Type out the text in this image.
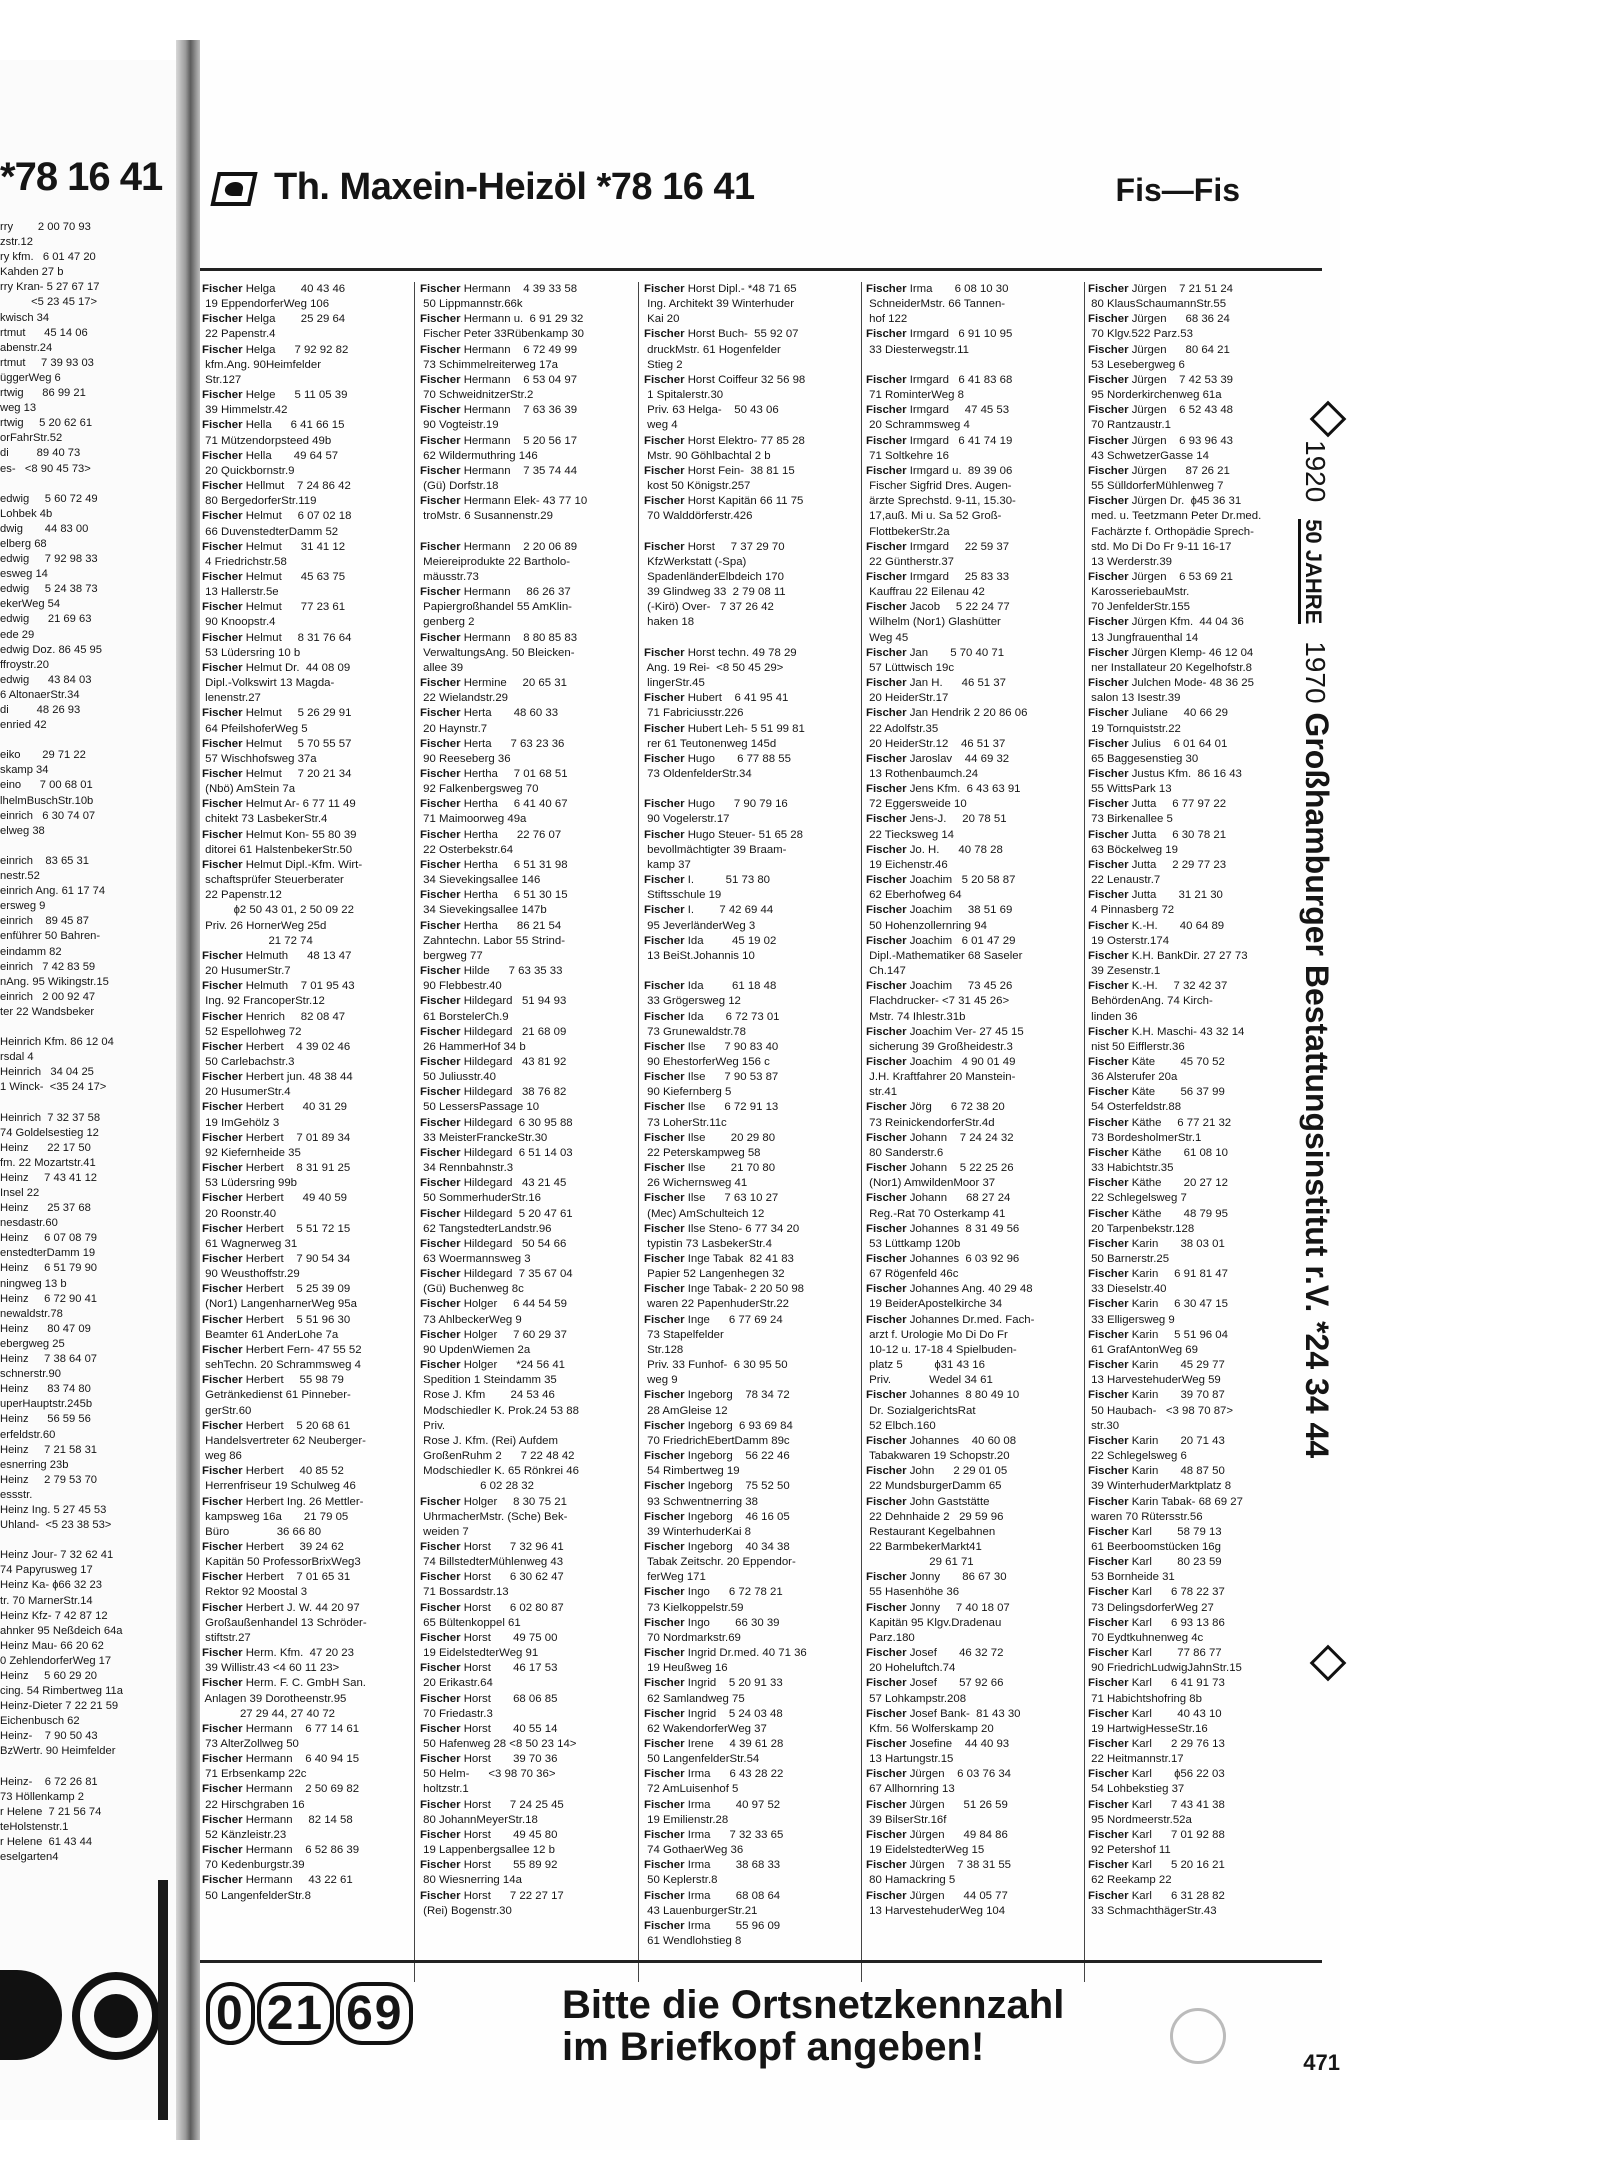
*78 16 41
rry        2 00 70 93
zstr.12
ry kfm.   6 01 47 20
Kahden 27 b
rry Kran- 5 27 67 17
<5 23 45 17>
kwisch 34
rtmut      45 14 06
abenstr.24
rtmut     7 39 93 03
üggerWeg 6
rtwig      86 99 21
weg 13
rtwig     5 20 62 61
orFahrStr.52
di         89 40 73
es-   <8 90 45 73>

edwig     5 60 72 49
Lohbek 4b
dwig       44 83 00
elberg 68
edwig     7 92 98 33
esweg 14
edwig     5 24 38 73
ekerWeg 54
edwig      21 69 63
ede 29
edwig Doz. 86 45 95
ffroystr.20
edwig      43 84 03
6 AltonaerStr.34
di         48 26 93
enried 42

eiko       29 71 22
skamp 34
eino      7 00 68 01
lhelmBuschStr.10b
einrich   6 30 74 07
elweg 38

einrich    83 65 31
nestr.52
einrich Ang. 61 17 74
ersweg 9
einrich    89 45 87
enführer 50 Bahren-
eindamm 82
einrich   7 42 83 59
nAng. 95 Wikingstr.15
einrich   2 00 92 47
ter 22 Wandsbeker

Heinrich Kfm. 86 12 04
rsdal 4
Heinrich   34 04 25
1 Winck-  <35 24 17>

Heinrich  7 32 37 58
74 Goldelsestieg 12
Heinz      22 17 50
fm. 22 Mozartstr.41
Heinz     7 43 41 12
Insel 22
Heinz      25 37 68
nesdastr.60
Heinz     6 07 08 79
enstedterDamm 19
Heinz     6 51 79 90
ningweg 13 b
Heinz     6 72 90 41
newaldstr.78
Heinz      80 47 09
ebergweg 25
Heinz     7 38 64 07
schnerstr.90
Heinz      83 74 80
uperHauptstr.245b
Heinz      56 59 56
erfeldstr.60
Heinz     7 21 58 31
esnerring 23b
Heinz     2 79 53 70
essstr.
Heinz Ing. 5 27 45 53
Uhland-  <5 23 38 53>

Heinz Jour- 7 32 62 41
74 Papyrusweg 17
Heinz Ka- ɸ66 32 23
tr. 70 MarnerStr.14
Heinz Kfz- 7 42 87 12
ahnker 95 Neßdeich 64a
Heinz Mau- 66 20 62
0 ZehlendorferWeg 17
Heinz     5 60 29 20
cing. 54 Rimbertweg 11a
Heinz-Dieter 7 22 21 59
Eichenbusch 62
Heinz-    7 90 50 43
BzWertr. 90 Heimfelder

Heinz-    6 72 26 81
73 Höllenkamp 2
r Helene  7 21 56 74
teHolstenstr.1
r Helene  61 43 44
eselgarten4
Th. Maxein-Heizöl *78 16 41	Fis—Fis
Fischer Helga        40 43 46
19 EppendorferWeg 106
Fischer Helga        25 29 64
22 Papenstr.4
Fischer Helga      7 92 92 82
kfm.Ang. 90Heimfelder
Str.127
Fischer Helge      5 11 05 39
39 Himmelstr.42
Fischer Hella      6 41 66 15
71 Mützendorpsteed 49b
Fischer Hella       49 64 57
20 Quickbornstr.9
Fischer Hellmut    7 24 86 42
80 BergedorferStr.119
Fischer Helmut     6 07 02 18
66 DuvenstedterDamm 52
Fischer Helmut      31 41 12
4 Friedrichstr.58
Fischer Helmut      45 63 75
13 Hallerstr.5e
Fischer Helmut      77 23 61
90 Knoopstr.4
Fischer Helmut     8 31 76 64
53 Lüdersring 10 b
Fischer Helmut Dr.  44 08 09
Dipl.-Volkswirt 13 Magda-
lenenstr.27
Fischer Helmut     5 26 29 91
64 PfeilshoferWeg 5
Fischer Helmut     5 70 55 57
57 Wischhofsweg 37a
Fischer Helmut     7 20 21 34
(Nbö) AmStein 7a
Fischer Helmut Ar- 6 77 11 49
chitekt 73 LasbekerStr.4
Fischer Helmut Kon- 55 80 39
ditorei 61 HalstenbekerStr.50
Fischer Helmut Dipl.-Kfm. Wirt-
schaftsprüfer Steuerberater
22 Papenstr.12
ɸ2 50 43 01, 2 50 09 22
Priv. 26 HornerWeg 25d
21 72 74
Fischer Helmuth      48 13 47
20 HusumerStr.7
Fischer Helmuth    7 01 95 43
Ing. 92 FrancoperStr.12
Fischer Henrich     82 08 47
52 Espellohweg 72
Fischer Herbert    4 39 02 46
50 Carlebachstr.3
Fischer Herbert jun. 48 38 44
20 HusumerStr.4
Fischer Herbert      40 31 29
19 ImGehölz 3
Fischer Herbert    7 01 89 34
92 Kiefernheide 35
Fischer Herbert    8 31 91 25
53 Lüdersring 99b
Fischer Herbert      49 40 59
20 Roonstr.40
Fischer Herbert    5 51 72 15
61 Wagnerweg 31
Fischer Herbert    7 90 54 34
90 Weusthoffstr.29
Fischer Herbert    5 25 39 09
(Nor1) LangenharnerWeg 95a
Fischer Herbert    5 51 96 30
Beamter 61 AnderLohe 7a
Fischer Herbert Fern- 47 55 52
sehTechn. 20 Schrammsweg 4
Fischer Herbert     55 98 79
Getränkedienst 61 Pinneber-
gerStr.60
Fischer Herbert    5 20 68 61
Handelsvertreter 62 Neuberger-
weg 86
Fischer Herbert     40 85 52
Herrenfriseur 19 Schulweg 46
Fischer Herbert Ing. 26 Mettler-
kampsweg 16a       21 79 05
Büro               36 66 80
Fischer Herbert     39 24 62
Kapitän 50 ProfessorBrixWeg3
Fischer Herbert    7 01 65 31
Rektor 92 Moostal 3
Fischer Herbert J. W. 44 20 97
Großaußenhandel 13 Schröder-
stiftstr.27
Fischer Herm. Kfm.  47 20 23
39 Willistr.43 <4 60 11 23>
Fischer Herm. F. C. GmbH San.
Anlagen 39 Dorotheenstr.95
27 29 44, 27 40 72
Fischer Hermann    6 77 14 61
73 AlterZollweg 50
Fischer Hermann    6 40 94 15
71 Erbsenkamp 22c
Fischer Hermann    2 50 69 82
22 Hirschgraben 16
Fischer Hermann     82 14 58
52 Känzleistr.23
Fischer Hermann    6 52 86 39
70 Kedenburgstr.39
Fischer Hermann     43 22 61
50 LangenfelderStr.8
Fischer Hermann    4 39 33 58
50 Lippmannstr.66k
Fischer Hermann u.  6 91 29 32
Fischer Peter 33Rübenkamp 30
Fischer Hermann    6 72 49 99
73 Schimmelreiterweg 17a
Fischer Hermann    6 53 04 97
70 SchweidnitzerStr.2
Fischer Hermann    7 63 36 39
90 Vogteistr.19
Fischer Hermann    5 20 56 17
62 Wildermuthring 146
Fischer Hermann    7 35 74 44
(Gü) Dorfstr.18
Fischer Hermann Elek- 43 77 10
troMstr. 6 Susannenstr.29

Fischer Hermann    2 20 06 89
Meiereiprodukte 22 Bartholo-
mäusstr.73
Fischer Hermann     86 26 37
Papiergroßhandel 55 AmKlin-
genberg 2
Fischer Hermann    8 80 85 83
VerwaltungsAng. 50 Bleicken-
allee 39
Fischer Hermine     20 65 31
22 Wielandstr.29
Fischer Herta       48 60 33
20 Haynstr.7
Fischer Herta      7 63 23 36
90 Reeseberg 36
Fischer Hertha     7 01 68 51
92 Falkenbergsweg 70
Fischer Hertha     6 41 40 67
71 Maimoorweg 49a
Fischer Hertha      22 76 07
22 Osterbekstr.64
Fischer Hertha     6 51 31 98
34 Sievekingsallee 146
Fischer Hertha     6 51 30 15
34 Sievekingsallee 147b
Fischer Hertha      86 21 54
Zahntechn. Labor 55 Strind-
bergweg 77
Fischer Hilde      7 63 35 33
90 Flebbestr.40
Fischer Hildegard   51 94 93
61 BorstelerCh.9
Fischer Hildegard   21 68 09
26 HammerHof 34 b
Fischer Hildegard   43 81 92
50 Juliusstr.40
Fischer Hildegard   38 76 82
50 LessersPassage 10
Fischer Hildegard  6 30 95 88
33 MeisterFranckeStr.30
Fischer Hildegard  6 51 14 03
34 Rennbahnstr.3
Fischer Hildegard   43 21 45
50 SommerhuderStr.16
Fischer Hildegard  5 20 47 61
62 TangstedterLandstr.96
Fischer Hildegard   50 54 66
63 Woermannsweg 3
Fischer Hildegard  7 35 67 04
(Gü) Buchenweg 8c
Fischer Holger     6 44 54 59
73 AhlbeckerWeg 9
Fischer Holger     7 60 29 37
90 UpdenWiemen 2a
Fischer Holger      *24 56 41
Spedition 1 Steindamm 35
Rose J. Kfm        24 53 46
Modschiedler K. Prok.24 53 88
Priv.
Rose J. Kfm. (Rei) Aufdem
GroßenRuhm 2      7 22 48 42
Modschiedler K. 65 Rönkrei 46
6 02 28 32
Fischer Holger     8 30 75 21
UhrmacherMstr. (Sche) Bek-
weiden 7
Fischer Horst      7 32 96 41
74 BillstedterMühlenweg 43
Fischer Horst      6 30 62 47
71 Bossardstr.13
Fischer Horst      6 02 80 87
65 Bültenkoppel 61
Fischer Horst       49 75 00
19 EidelstedterWeg 91
Fischer Horst       46 17 53
20 Erikastr.64
Fischer Horst       68 06 85
70 Friedastr.3
Fischer Horst       40 55 14
50 Hafenweg 28 <8 50 23 14>
Fischer Horst       39 70 36
50 Helm-      <3 98 70 36>
holtzstr.1
Fischer Horst      7 24 25 45
80 JohannMeyerStr.18
Fischer Horst       49 45 80
19 Lappenbergsallee 12 b
Fischer Horst       55 89 92
80 Wiesnerring 14a
Fischer Horst      7 22 27 17
(Rei) Bogenstr.30
Fischer Horst Dipl.- *48 71 65
Ing. Architekt 39 Winterhuder
Kai 20
Fischer Horst Buch-  55 92 07
druckMstr. 61 Hogenfelder
Stieg 2
Fischer Horst Coiffeur 32 56 98
1 Spitalerstr.30
Priv. 63 Helga-    50 43 06
weg 4
Fischer Horst Elektro- 77 85 28
Mstr. 90 Göhlbachtal 2 b
Fischer Horst Fein-  38 81 15
kost 50 Königstr.257
Fischer Horst Kapitän 66 11 75
70 Walddörferstr.426

Fischer Horst     7 37 29 70
KfzWerkstatt (-Spa)
SpadenländerElbdeich 170
39 Glindweg 33  2 79 08 11
(-Kirö) Over-   7 37 26 42
haken 18

Fischer Horst techn. 49 78 29
Ang. 19 Rei-  <8 50 45 29>
lingerStr.45
Fischer Hubert    6 41 95 41
71 Fabriciusstr.226
Fischer Hubert Leh- 5 51 99 81
rer 61 Teutonenweg 145d
Fischer Hugo       6 77 88 55
73 OldenfelderStr.34

Fischer Hugo      7 90 79 16
90 Vogelerstr.17
Fischer Hugo Steuer- 51 65 28
bevollmächtigter 39 Braam-
kamp 37
Fischer I.          51 73 80
Stiftsschule 19
Fischer I.        7 42 69 44
95 JeverländerWeg 3
Fischer Ida         45 19 02
13 BeiSt.Johannis 10

Fischer Ida         61 18 48
33 Grögersweg 12
Fischer Ida       6 72 73 01
73 Grunewaldstr.78
Fischer Ilse      7 90 83 40
90 EhestorferWeg 156 c
Fischer Ilse      7 90 53 87
90 Kiefernberg 5
Fischer Ilse      6 72 91 13
73 LoherStr.11c
Fischer Ilse        20 29 80
22 Peterskampweg 58
Fischer Ilse        21 70 80
26 Wichernsweg 41
Fischer Ilse      7 63 10 27
(Mec) AmSchulteich 12
Fischer Ilse Steno- 6 77 34 20
typistin 73 LasbekerStr.4
Fischer Inge Tabak  82 41 83
Papier 52 Langenhegen 32
Fischer Inge Tabak- 2 20 50 98
waren 22 PapenhuderStr.22
Fischer Inge      6 77 69 24
73 Stapelfelder
Str.128
Priv. 33 Funhof-  6 30 95 50
weg 9
Fischer Ingeborg    78 34 72
28 AmGleise 12
Fischer Ingeborg  6 93 69 84
70 FriedrichEbertDamm 89c
Fischer Ingeborg    56 22 46
54 Rimbertweg 19
Fischer Ingeborg    75 52 50
93 Schwentnerring 38
Fischer Ingeborg    46 16 05
39 WinterhuderKai 8
Fischer Ingeborg    40 34 38
Tabak Zeitschr. 20 Eppendor-
ferWeg 171
Fischer Ingo      6 72 78 21
73 Kielkoppelstr.59
Fischer Ingo        66 30 39
70 Nordmarkstr.69
Fischer Ingrid Dr.med. 40 71 36
19 Heußweg 16
Fischer Ingrid    5 20 91 33
62 Samlandweg 75
Fischer Ingrid    5 24 03 48
62 WakendorferWeg 37
Fischer Irene     4 39 61 28
50 LangenfelderStr.54
Fischer Irma      6 43 28 22
72 AmLuisenhof 5
Fischer Irma        40 97 52
19 Emilienstr.28
Fischer Irma      7 32 33 65
74 GothaerWeg 36
Fischer Irma        38 68 33
50 Keplerstr.8
Fischer Irma        68 08 64
43 LauenburgerStr.21
Fischer Irma        55 96 09
61 Wendlohstieg 8
Fischer Irma       6 08 10 30
SchneiderMstr. 66 Tannen-
hof 122
Fischer Irmgard   6 91 10 95
33 Diesterwegstr.11

Fischer Irmgard   6 41 83 68
71 RominterWeg 8
Fischer Irmgard     47 45 53
20 Schrammsweg 4
Fischer Irmgard   6 41 74 19
71 Soltkehre 16
Fischer Irmgard u.  89 39 06
Fischer Sigfrid Dres. Augen-
ärzte Sprechstd. 9-11, 15.30-
17,auß. Mi u. Sa 52 Groß-
FlottbekerStr.2a
Fischer Irmgard     22 59 37
22 Güntherstr.37
Fischer Irmgard     25 83 33
Kauffrau 22 Eilenau 42
Fischer Jacob     5 22 24 77
Wilhelm (Nor1) Glashütter
Weg 45
Fischer Jan       5 70 40 71
57 Lüttwisch 19c
Fischer Jan H.      46 51 37
20 HeiderStr.17
Fischer Jan Hendrik 2 20 86 06
22 Adolfstr.35
20 HeiderStr.12    46 51 37
Fischer Jaroslav    44 69 32
13 Rothenbaumch.24
Fischer Jens Kfm.  6 43 63 91
72 Eggersweide 10
Fischer Jens-J.     20 78 51
22 Tiecksweg 14
Fischer Jo. H.      40 78 28
19 Eichenstr.46
Fischer Joachim   5 20 58 87
62 Eberhofweg 64
Fischer Joachim     38 51 69
50 Hohenzollernring 94
Fischer Joachim   6 01 47 29
Dipl.-Mathematiker 68 Saseler
Ch.147
Fischer Joachim     73 45 26
Flachdrucker- <7 31 45 26>
Mstr. 74 Ihlestr.31b
Fischer Joachim Ver- 27 45 15
sicherung 39 Großheidestr.3
Fischer Joachim   4 90 01 49
J.H. Kraftfahrer 20 Manstein-
str.41
Fischer Jörg      6 72 38 20
73 ReinickendorferStr.4d
Fischer Johann    7 24 24 32
80 Sanderstr.6
Fischer Johann    5 22 25 26
(Nor1) AmwildenMoor 37
Fischer Johann      68 27 24
Reg.-Rat 70 Osterkamp 41
Fischer Johannes  8 31 49 56
53 Lüttkamp 120b
Fischer Johannes  6 03 92 96
67 Rögenfeld 46c
Fischer Johannes Ang. 40 29 48
19 BeiderApostelkirche 34
Fischer Johannes Dr.med. Fach-
arzt f. Urologie Mo Di Do Fr
10-12 u. 17-18 4 Spielbuden-
platz 5          ɸ31 43 16
Priv.            Wedel 34 61
Fischer Johannes  8 80 49 10
Dr. SozialgerichtsRat
52 Elbch.160
Fischer Johannes    40 60 08
Tabakwaren 19 Schopstr.20
Fischer John      2 29 01 05
22 MundsburgerDamm 65
Fischer John Gaststätte
22 Dehnhaide 2   29 59 96
Restaurant Kegelbahnen
22 BarmbekerMarkt41
29 61 71
Fischer Jonny       86 67 30
55 Hasenhöhe 36
Fischer Jonny     7 40 18 07
Kapitän 95 Klgv.Dradenau
Parz.180
Fischer Josef       46 32 72
20 Hoheluftch.74
Fischer Josef       57 92 66
57 Lohkampstr.208
Fischer Josef Bank-  81 43 30
Kfm. 56 Wolferskamp 20
Fischer Josefine    44 40 93
13 Hartungstr.15
Fischer Jürgen    6 03 76 34
67 Allhornring 13
Fischer Jürgen      51 26 59
39 BilserStr.16f
Fischer Jürgen      49 84 86
19 EidelstedterWeg 15
Fischer Jürgen    7 38 31 55
80 Hamackring 5
Fischer Jürgen      44 05 77
13 HarvestehuderWeg 104
Fischer Jürgen    7 21 51 24
80 KlausSchaumannStr.55
Fischer Jürgen      68 36 24
70 Klgv.522 Parz.53
Fischer Jürgen      80 64 21
53 Lesebergweg 6
Fischer Jürgen    7 42 53 39
95 Norderkirchenweg 61a
Fischer Jürgen    6 52 43 48
70 Rantzaustr.1
Fischer Jürgen    6 93 96 43
43 SchwetzerGasse 14
Fischer Jürgen      87 26 21
55 SülldorferMühlenweg 7
Fischer Jürgen Dr.  ɸ45 36 31
med. u. Teetzmann Peter Dr.med.
Fachärzte f. Orthopädie Sprech-
std. Mo Di Do Fr 9-11 16-17
13 Werderstr.39
Fischer Jürgen    6 53 69 21
KarosseriebauMstr.
70 JenfelderStr.155
Fischer Jürgen Kfm.  44 04 36
13 Jungfrauenthal 14
Fischer Jürgen Klemp- 46 12 04
ner Installateur 20 Kegelhofstr.8
Fischer Julchen Mode- 48 36 25
salon 13 Isestr.39
Fischer Juliane     40 66 29
19 Tornquiststr.22
Fischer Julius    6 01 64 01
65 Baggesenstieg 30
Fischer Justus Kfm.  86 16 43
55 WittsPark 13
Fischer Jutta     6 77 97 22
73 Birkenallee 5
Fischer Jutta     6 30 78 21
63 Böckelweg 19
Fischer Jutta     2 29 77 23
22 Lenaustr.7
Fischer Jutta       31 21 30
4 Pinnasberg 72
Fischer K.-H.       40 64 89
19 Osterstr.174
Fischer K.H. BankDir. 27 27 73
39 Zesenstr.1
Fischer K.-H.     7 32 42 37
BehördenAng. 74 Kirch-
linden 36
Fischer K.H. Maschi- 43 32 14
nist 50 Eifflerstr.36
Fischer Käte        45 70 52
36 Alsterufer 20a
Fischer Käte        56 37 99
54 Osterfeldstr.88
Fischer Käthe     6 77 21 32
73 BordesholmerStr.1
Fischer Käthe       61 08 10
33 Habichtstr.35
Fischer Käthe       20 27 12
22 Schlegelsweg 7
Fischer Käthe       48 79 95
20 Tarpenbekstr.128
Fischer Karin       38 03 01
50 Barnerstr.25
Fischer Karin     6 91 81 47
33 Dieselstr.40
Fischer Karin     6 30 47 15
33 Elligersweg 9
Fischer Karin     5 51 96 04
61 GrafAntonWeg 69
Fischer Karin       45 29 77
13 HarvestehuderWeg 59
Fischer Karin       39 70 87
50 Haubach-   <3 98 70 87>
str.30
Fischer Karin       20 71 43
22 Schlegelsweg 6
Fischer Karin       48 87 50
39 WinterhuderMarktplatz 8
Fischer Karin Tabak- 68 69 27
waren 70 Rütersstr.56
Fischer Karl        58 79 13
61 Beerboomstücken 16g
Fischer Karl        80 23 59
53 Bornheide 31
Fischer Karl      6 78 22 37
73 DelingsdorferWeg 27
Fischer Karl      6 93 13 86
70 Eydtkuhnenweg 4c
Fischer Karl        77 86 77
90 FriedrichLudwigJahnStr.15
Fischer Karl      6 41 91 73
71 Habichtshofring 8b
Fischer Karl        40 43 10
19 HartwigHesseStr.16
Fischer Karl      2 29 76 13
22 Heitmannstr.17
Fischer Karl       ɸ56 22 03
54 Lohbekstieg 37
Fischer Karl      7 43 41 38
95 Nordmeerstr.52a
Fischer Karl      7 01 92 88
92 Petershof 11
Fischer Karl      5 20 16 21
62 Reekamp 22
Fischer Karl      6 31 28 82
33 SchmachthägerStr.43
1920 50 JAHRE 1970 Großhamburger Bestattungsinstitut r.V. *24 34 44
0 21 69	Bitte die Ortsnetzkennzahl
im Briefkopf angeben!	471
